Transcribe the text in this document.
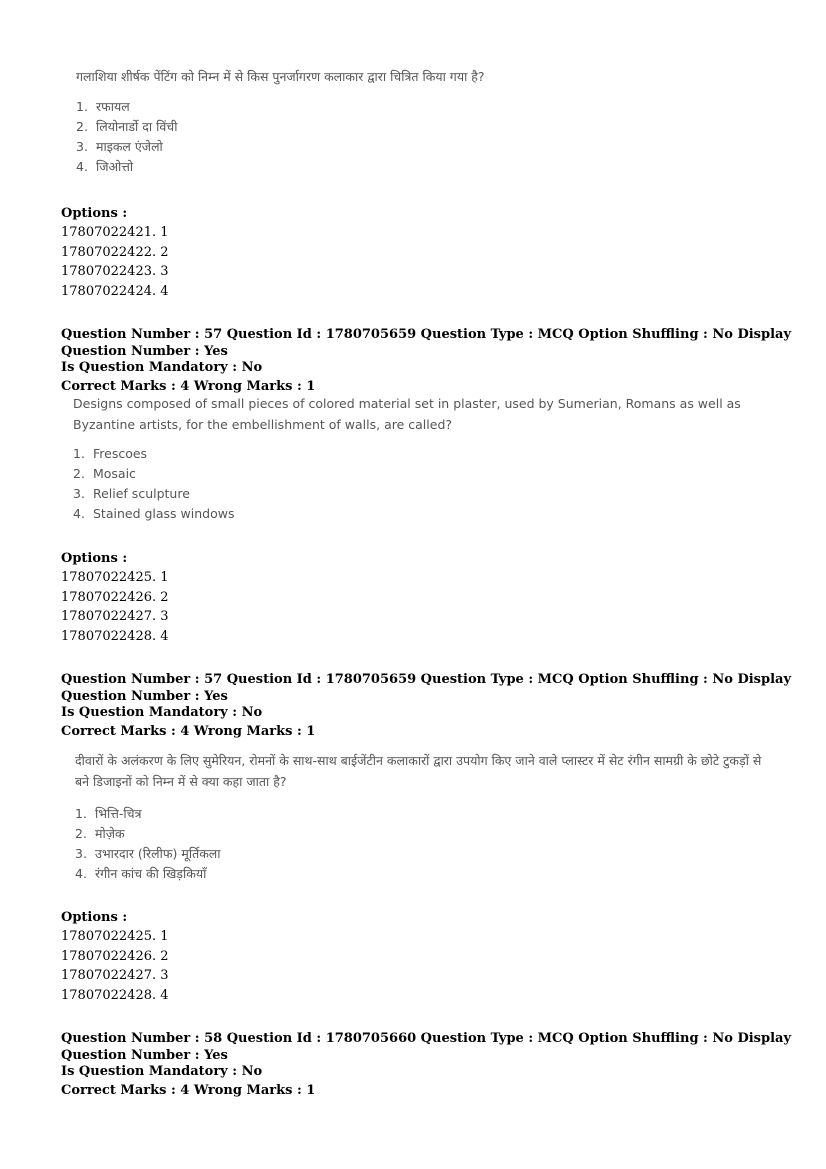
गलाशिया शीर्षक पेंटिंग को निम्न में से किस पुनर्जागरण कलाकार द्वारा चित्रित किया गया है?
1. रफायल
2. लियोनार्डो दा विंची
3. माइकल एंजेलो
4. जिओत्तो
Options :
17807022421. 1
17807022422. 2
17807022423. 3
17807022424. 4
Question Number : 57 Question Id : 1780705659 Question Type : MCQ Option Shuffling : No Display Question Number : Yes
Is Question Mandatory : No
Correct Marks : 4 Wrong Marks : 1
Designs composed of small pieces of colored material set in plaster, used by Sumerian, Romans as well as Byzantine artists, for the embellishment of walls, are called?
1. Frescoes
2. Mosaic
3. Relief sculpture
4. Stained glass windows
Options :
17807022425. 1
17807022426. 2
17807022427. 3
17807022428. 4
Question Number : 57 Question Id : 1780705659 Question Type : MCQ Option Shuffling : No Display Question Number : Yes
Is Question Mandatory : No
Correct Marks : 4 Wrong Marks : 1
दीवारों के अलंकरण के लिए सुमेरियन, रोमनों के साथ-साथ बाईजेंटीन कलाकारों द्वारा उपयोग किए जाने वाले प्लास्टर में सेट रंगीन सामग्री के छोटे टुकड़ों से बने डिजाइनों को निम्न में से क्या कहा जाता है?
1. भित्ति-चित्र
2. मोज़ेक
3. उभारदार (रिलीफ) मूर्तिकला
4. रंगीन कांच की खिड़कियाँ
Options :
17807022425. 1
17807022426. 2
17807022427. 3
17807022428. 4
Question Number : 58 Question Id : 1780705660 Question Type : MCQ Option Shuffling : No Display Question Number : Yes
Is Question Mandatory : No
Correct Marks : 4 Wrong Marks : 1
